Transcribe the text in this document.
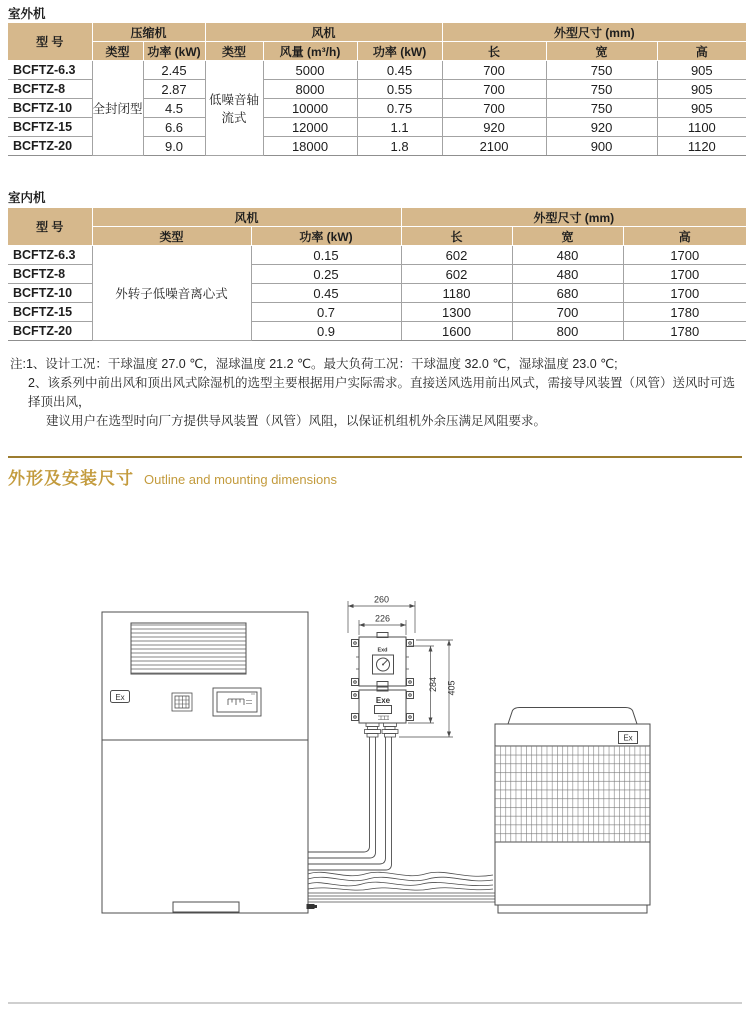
室外机
型 号	压缩机		风机			外型尺寸 (mm)		
	类型	功率 (kW)	类型	风量 (m³/h)	功率 (kW)	长	宽	高
BCFTZ-6.3	全封闭型	2.45	低噪音轴流式	5000	0.45	700	750	905
BCFTZ-8		2.87		8000	0.55	700	750	905
BCFTZ-10		4.5		10000	0.75	700	750	905
BCFTZ-15		6.6		12000	1.1	920	920	1100
BCFTZ-20		9.0		18000	1.8	2100	900	1120
室内机
型 号	风机		外型尺寸 (mm)		
	类型	功率 (kW)	长	宽	高
BCFTZ-6.3	外转子低噪音离心式	0.15	602	480	1700
BCFTZ-8		0.25	602	480	1700
BCFTZ-10		0.45	1180	680	1700
BCFTZ-15		0.7	1300	700	1780
BCFTZ-20		0.9	1600	800	1780
注:1、设计工况：干球温度 27.0 ℃，湿球温度 21.2 ℃。最大负荷工况：干球温度 32.0 ℃，湿球温度 23.0 ℃;
2、该系列中前出风和顶出风式除湿机的选型主要根据用户实际需求。直接送风选用前出风式，需接导风装置（风管）送风时可选择顶出风，
建议用户在选型时向厂方提供导风装置（风管）风阻，以保证机组机外余压满足风阻要求。
外形及安装尺寸 Outline and mounting dimensions
Ex
Ex
Exd
Exe
260
226
284 405
